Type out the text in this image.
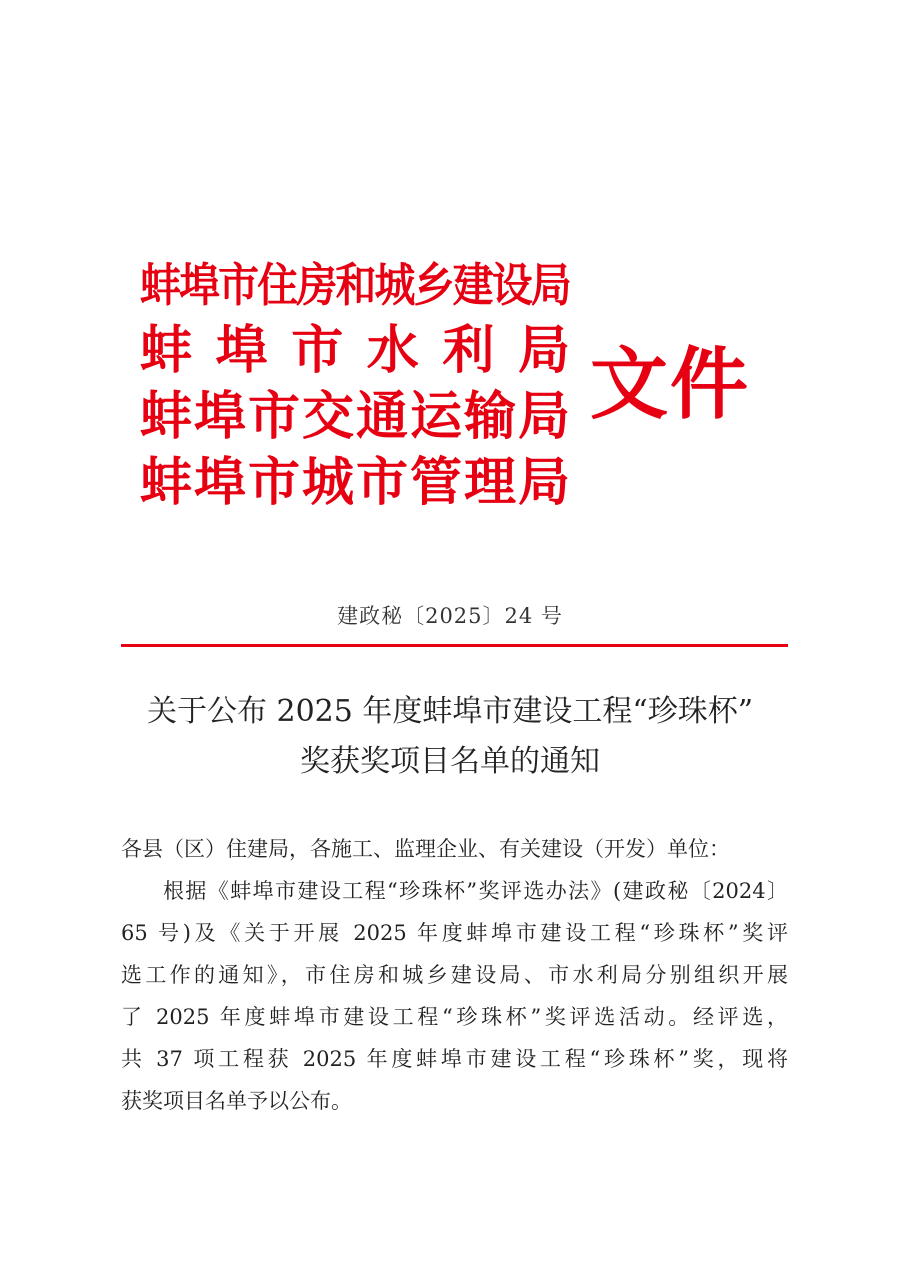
蚌埠市住房和城乡建设局
蚌埠市水利局
蚌埠市交通运输局
蚌埠市城市管理局
文件
建政秘〔2025〕24 号
关于公布 2025 年度蚌埠市建设工程“珍珠杯”
奖获奖项目名单的通知
各县（区）住建局，各施工、监理企业、有关建设（开发）单位：
根据《蚌埠市建设工程“珍珠杯”奖评选办法》(建政秘〔2024〕
65 号)及《关于开展 2025 年度蚌埠市建设工程“珍珠杯”奖评
选工作的通知》，市住房和城乡建设局、市水利局分别组织开展
了 2025 年度蚌埠市建设工程“珍珠杯”奖评选活动。经评选，
共 37 项工程获 2025 年度蚌埠市建设工程“珍珠杯”奖，现将
获奖项目名单予以公布。
